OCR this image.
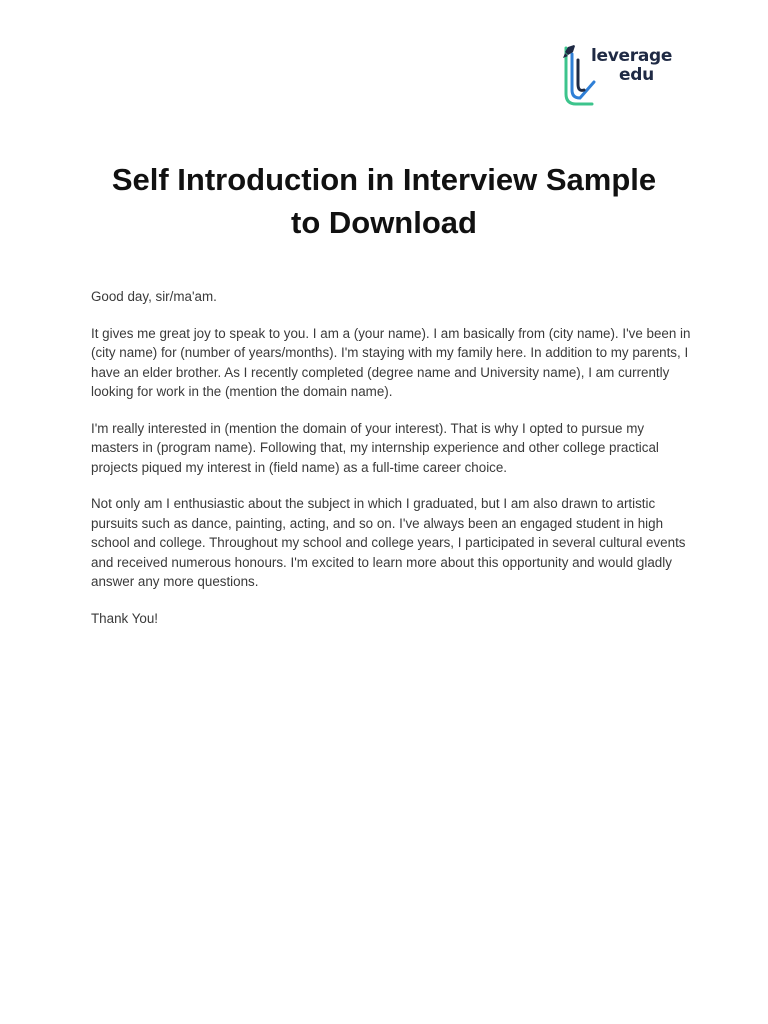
leverage
edu
Self Introduction in Interview Sample
to Download

Good day, sir/ma'am.

It gives me great joy to speak to you. I am a (your name). I am basically from (city name). I've been in (city name) for (number of years/months). I'm staying with my family here. In addition to my parents, I have an elder brother. As I recently completed (degree name and University name), I am currently looking for work in the (mention the domain name).

I'm really interested in (mention the domain of your interest). That is why I opted to pursue my masters in (program name). Following that, my internship experience and other college practical projects piqued my interest in (field name) as a full-time career choice.

Not only am I enthusiastic about the subject in which I graduated, but I am also drawn to artistic pursuits such as dance, painting, acting, and so on. I've always been an engaged student in high school and college. Throughout my school and college years, I participated in several cultural events and received numerous honours. I'm excited to learn more about this opportunity and would gladly answer any more questions.

Thank You!
